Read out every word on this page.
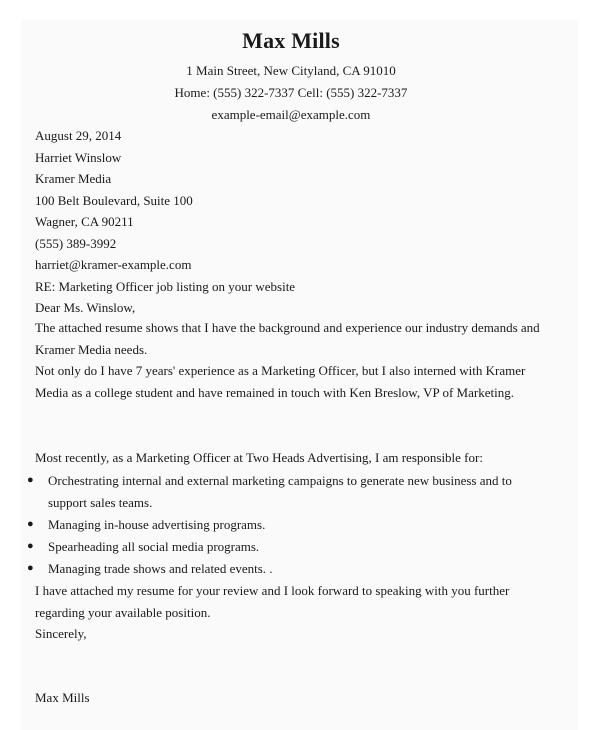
Max Mills
1 Main Street, New Cityland, CA 91010
Home: (555) 322-7337 Cell: (555) 322-7337
example-email@example.com
August 29, 2014
Harriet Winslow
Kramer Media
100 Belt Boulevard, Suite 100
Wagner, CA 90211
(555) 389-3992
harriet@kramer-example.com
RE: Marketing Officer job listing on your website
Dear Ms. Winslow,
The attached resume shows that I have the background and experience our industry demands and Kramer Media needs.
Not only do I have 7 years' experience as a Marketing Officer, but I also interned with Kramer Media as a college student and have remained in touch with Ken Breslow, VP of Marketing.
Most recently, as a Marketing Officer at Two Heads Advertising, I am responsible for:
● Orchestrating internal and external marketing campaigns to generate new business and to support sales teams.
● Managing in-house advertising programs.
● Spearheading all social media programs.
● Managing trade shows and related events. .
I have attached my resume for your review and I look forward to speaking with you further regarding your available position.
Sincerely,
Max Mills
